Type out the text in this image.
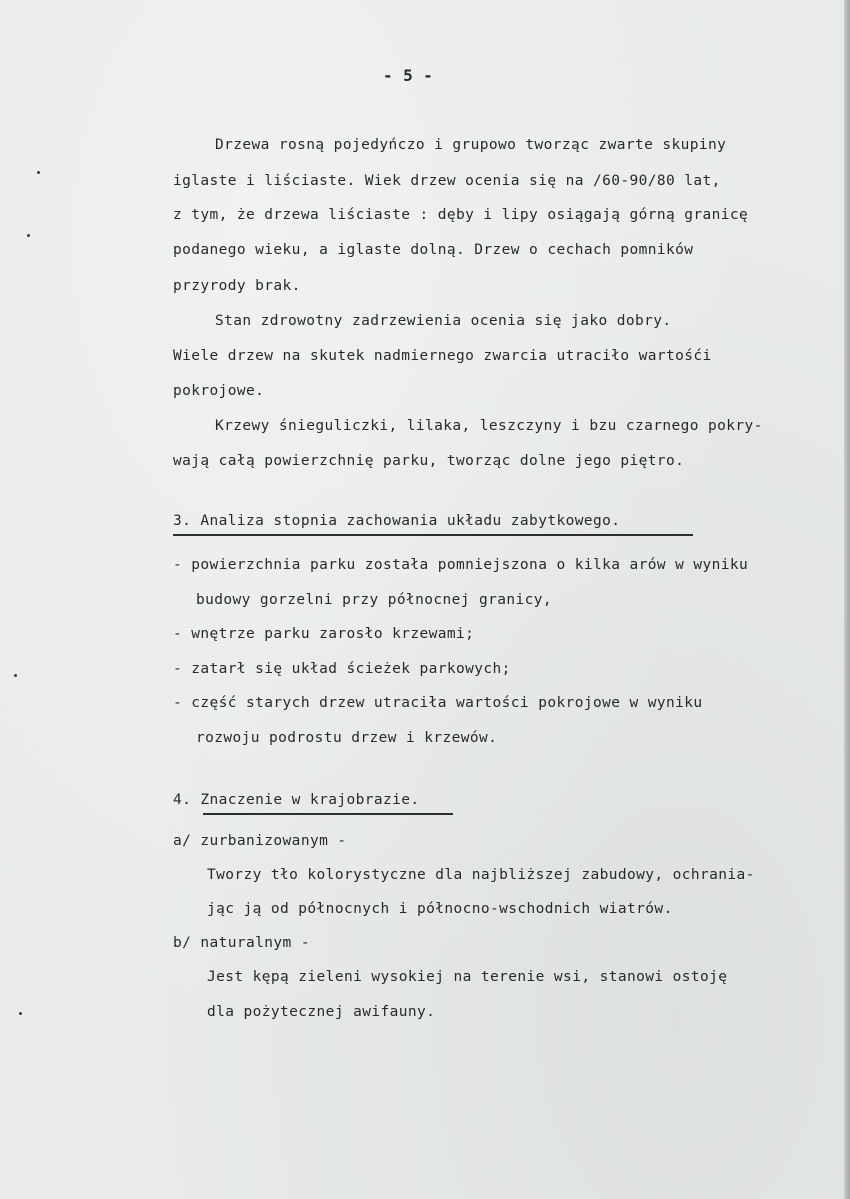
- 5 -
Drzewa rosną pojedyńczo i grupowo tworząc zwarte skupiny
iglaste i liściaste. Wiek drzew ocenia się na /60-90/80 lat,
z tym, że drzewa liściaste : dęby i lipy osiągają górną granicę
podanego wieku, a iglaste dolną. Drzew o cechach pomników
przyrody brak.
Stan zdrowotny zadrzewienia ocenia się jako dobry.
Wiele drzew na skutek nadmiernego zwarcia utraciło wartośći
pokrojowe.
Krzewy śnieguliczki, lilaka, leszczyny i bzu czarnego pokry-
wają całą powierzchnię parku, tworząc dolne jego piętro.
3. Analiza stopnia zachowania układu zabytkowego.
- powierzchnia parku została pomniejszona o kilka arów w wyniku
budowy gorzelni przy północnej granicy,
- wnętrze parku zarosło krzewami;
- zatarł się układ ścieżek parkowych;
- część starych drzew utraciła wartości pokrojowe w wyniku
rozwoju podrostu drzew i krzewów.
4. Znaczenie w krajobrazie.
a/ zurbanizowanym -
Tworzy tło kolorystyczne dla najbliższej zabudowy, ochrania-
jąc ją od północnych i północno-wschodnich wiatrów.
b/ naturalnym -
Jest kępą zieleni wysokiej na terenie wsi, stanowi ostoję
dla pożytecznej awifauny.
